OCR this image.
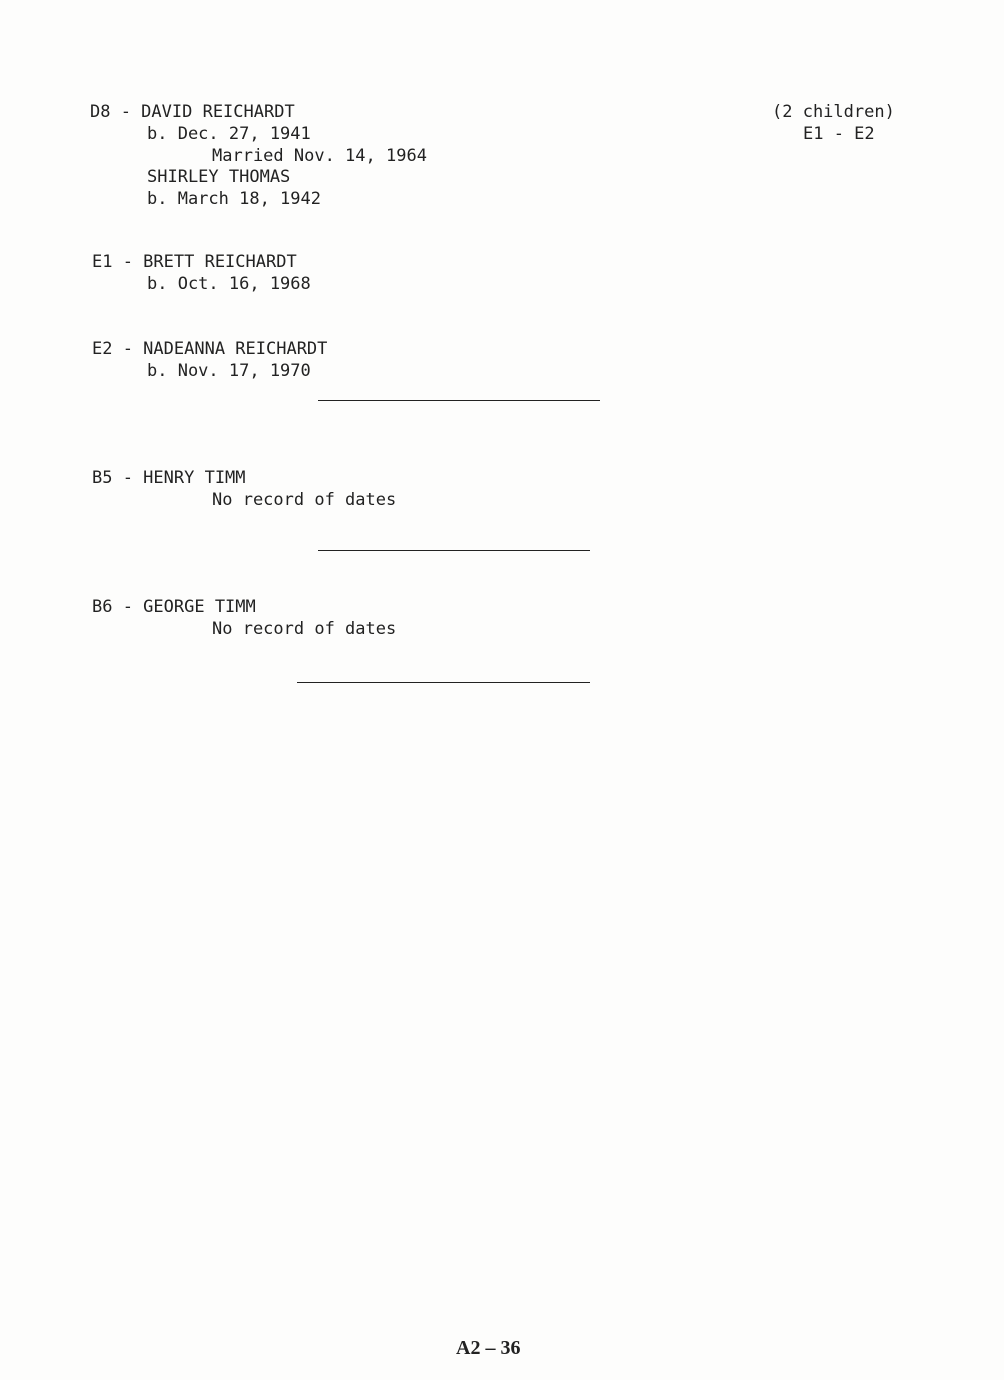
D8 - DAVID REICHARDT
b. Dec. 27, 1941
Married Nov. 14, 1964
SHIRLEY THOMAS
b. March 18, 1942
(2 children)
E1 - E2
E1 - BRETT REICHARDT
b. Oct. 16, 1968
E2 - NADEANNA REICHARDT
b. Nov. 17, 1970
B5 - HENRY TIMM
No record of dates
B6 - GEORGE TIMM
No record of dates
A2 – 36
